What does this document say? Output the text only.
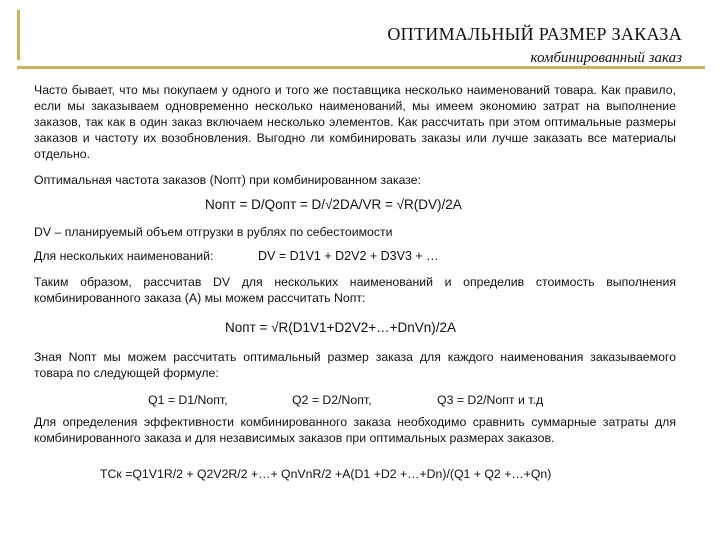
ОПТИМАЛЬНЫЙ РАЗМЕР ЗАКАЗА
комбинированный заказ
Часто бывает, что мы покупаем у одного и того же поставщика несколько наименований товара. Как правило, если мы заказываем одновременно несколько наименований, мы имеем экономию затрат на выполнение заказов, так как в один заказ включаем несколько элементов. Как рассчитать при этом оптимальные размеры заказов и частоту их возобновления. Выгодно ли комбинировать заказы или лучше заказать все материалы отдельно.
Оптимальная частота заказов (Nопт) при комбинированном заказе:
Nопт = D/Qопт = D/√2DA/VR = √R(DV)/2A
DV – планируемый объем отгрузки в рублях по себестоимости
Для нескольких наименований:	DV = D1V1 + D2V2 + D3V3 + …
Таким образом, рассчитав DV для нескольких наименований и определив стоимость выполнения комбинированного заказа (A) мы можем рассчитать Nопт:
Nопт = √R(D1V1+D2V2+…+DnVn)/2A
Зная Nопт мы можем рассчитать оптимальный размер заказа для каждого наименования заказываемого товара по следующей формуле:
Q1 = D1/Nопт,	Q2 = D2/Nопт,	Q3 = D2/Nопт и т.д
Для определения эффективности комбинированного заказа необходимо сравнить суммарные затраты для комбинированного заказа и для независимых заказов при оптимальных размерах заказов.
TCк =Q1V1R/2 + Q2V2R/2 +…+ QnVnR/2 +A(D1 +D2 +…+Dn)/(Q1 + Q2 +…+Qn)
